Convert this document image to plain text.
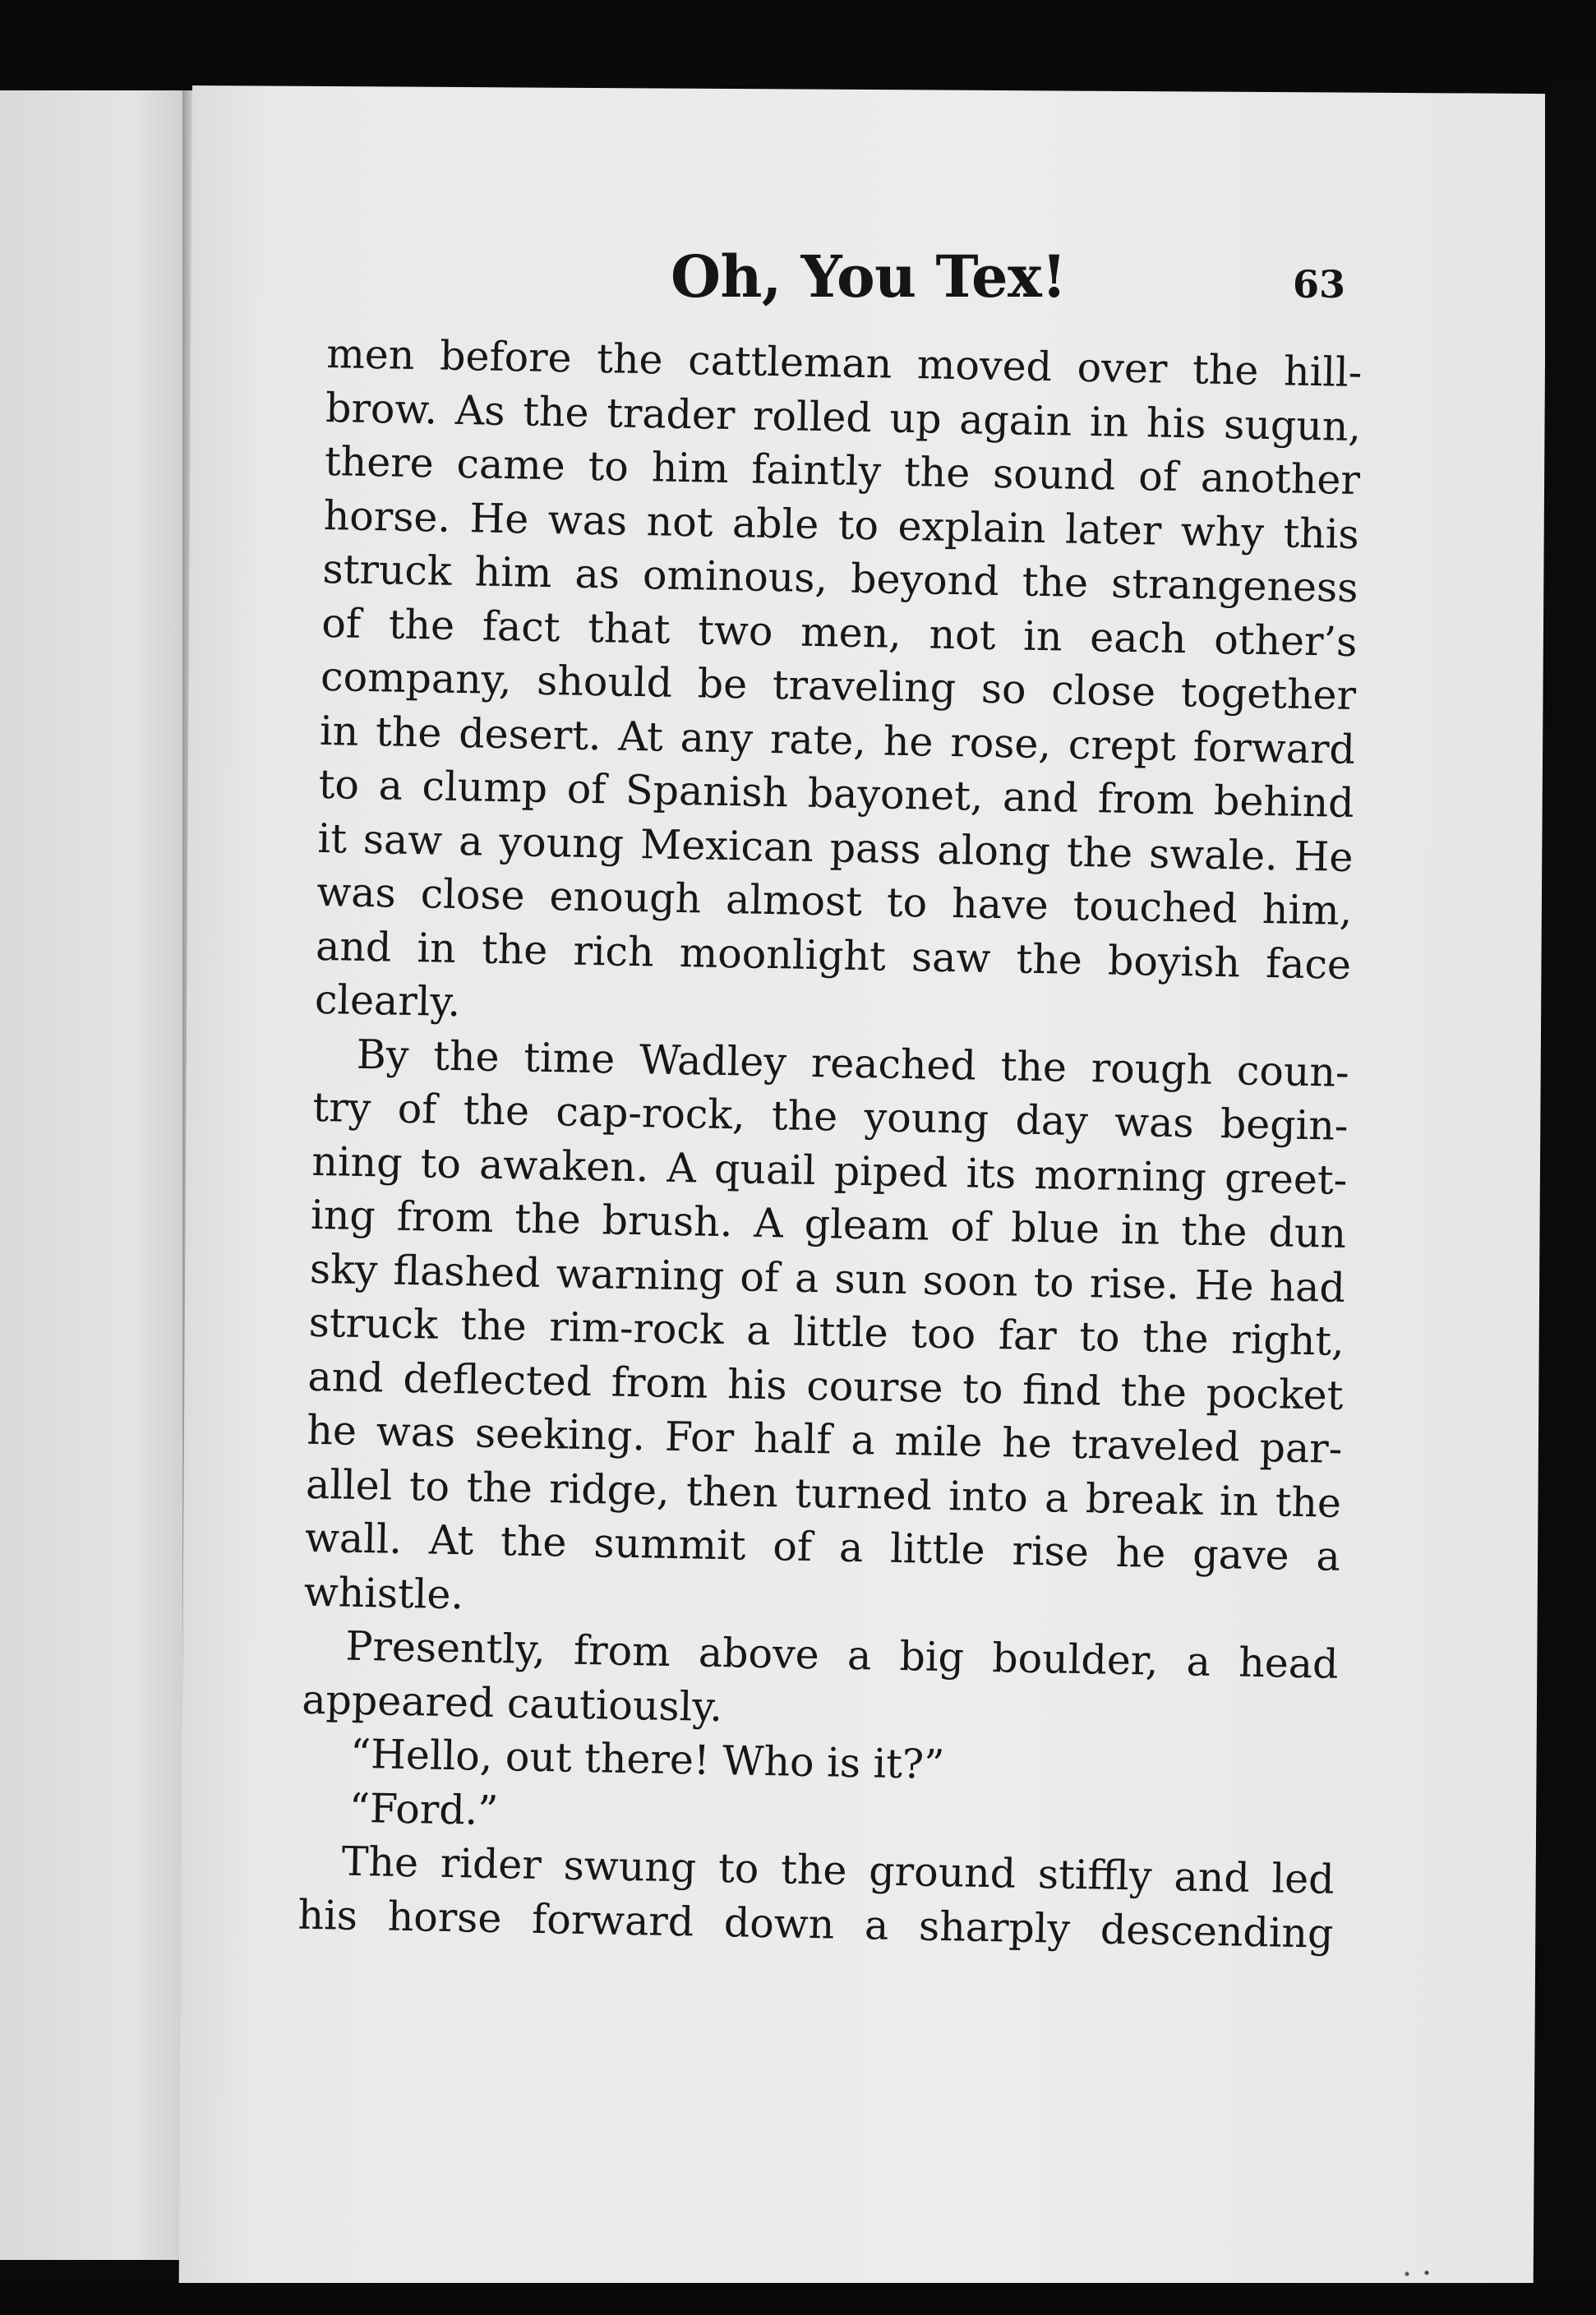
Oh, You Tex!	63
men before the cattleman moved over the hill-
brow. As the trader rolled up again in his sugun,
there came to him faintly the sound of another
horse. He was not able to explain later why this
struck him as ominous, beyond the strangeness
of the fact that two men, not in each other’s
company, should be traveling so close together
in the desert. At any rate, he rose, crept forward
to a clump of Spanish bayonet, and from behind
it saw a young Mexican pass along the swale. He
was close enough almost to have touched him,
and in the rich moonlight saw the boyish face
clearly.
By the time Wadley reached the rough coun-
try of the cap-rock, the young day was begin-
ning to awaken. A quail piped its morning greet-
ing from the brush. A gleam of blue in the dun
sky flashed warning of a sun soon to rise. He had
struck the rim-rock a little too far to the right,
and deflected from his course to find the pocket
he was seeking. For half a mile he traveled par-
allel to the ridge, then turned into a break in the
wall. At the summit of a little rise he gave a
whistle.
Presently, from above a big boulder, a head
appeared cautiously.
“Hello, out there! Who is it?”
“Ford.”
The rider swung to the ground stiffly and led
his horse forward down a sharply descending
